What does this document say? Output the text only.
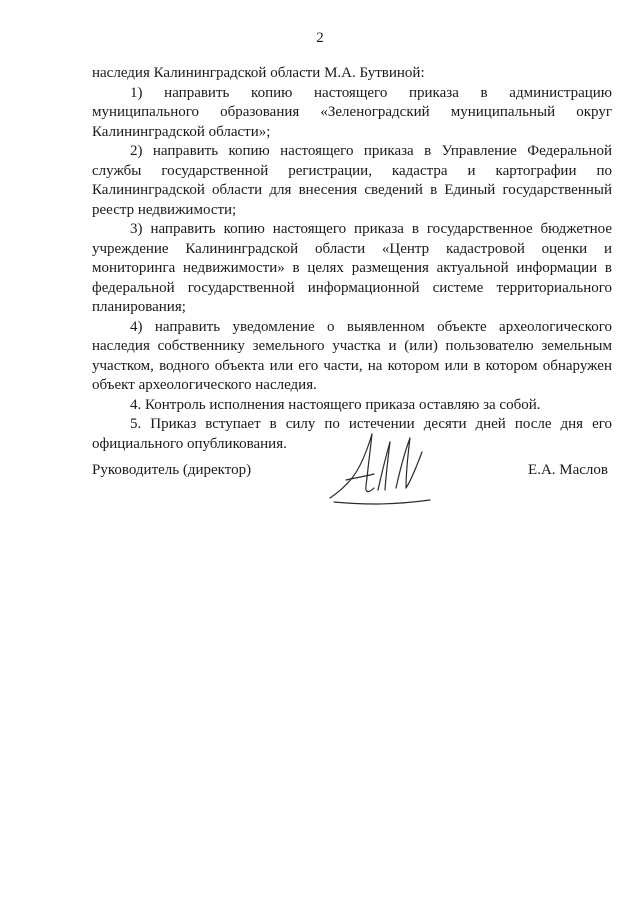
2

наследия Калининградской области М.А. Бутвиной:

1) направить копию настоящего приказа в администрацию муниципального образования «Зеленоградский муниципальный округ Калининградской области»;

2) направить копию настоящего приказа в Управление Федеральной службы государственной регистрации, кадастра и картографии по Калининградской области для внесения сведений в Единый государственный реестр недвижимости;

3) направить копию настоящего приказа в государственное бюджетное учреждение Калининградской области «Центр кадастровой оценки и мониторинга недвижимости» в целях размещения актуальной информации в федеральной государственной информационной системе территориального планирования;

4) направить уведомление о выявленном объекте археологического наследия собственнику земельного участка и (или) пользователю земельным участком, водного объекта или его части, на котором или в котором обнаружен объект археологического наследия.

4. Контроль исполнения настоящего приказа оставляю за собой.

5. Приказ вступает в силу по истечении десяти дней после дня его официального опубликования.

Руководитель (директор)	Е.А. Маслов
